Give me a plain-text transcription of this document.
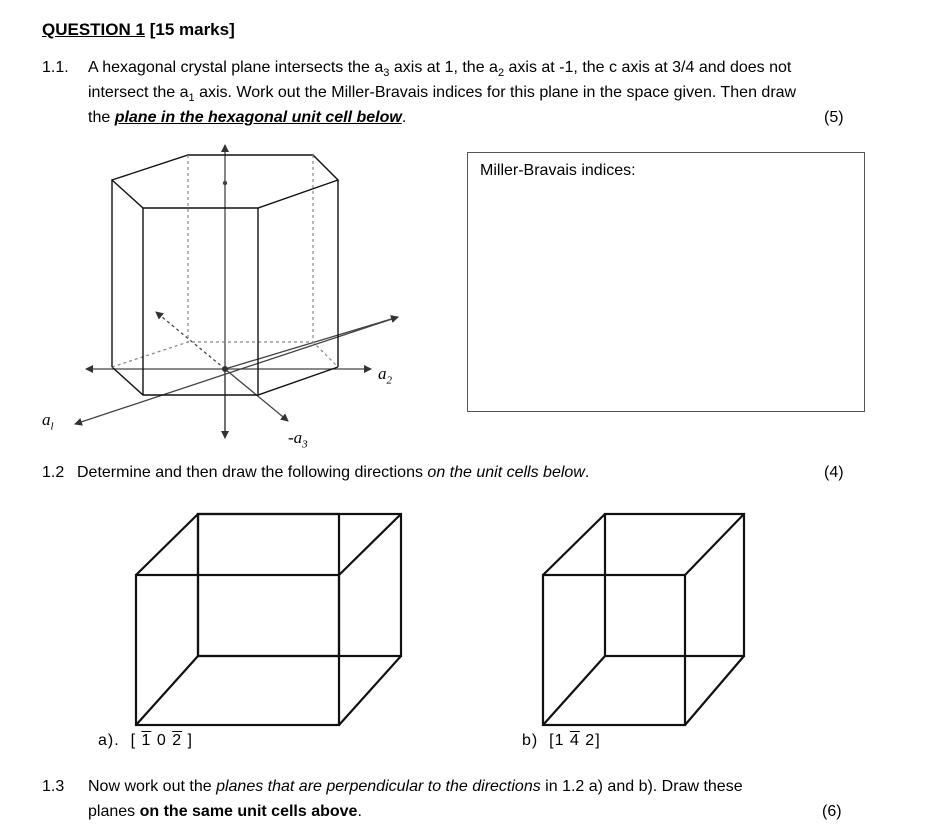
QUESTION 1 [15 marks]
1.1. A hexagonal crystal plane intersects the $a_3$ axis at 1, the $a_2$ axis at -1, the c axis at 3/4 and does not
intersect the $a_1$ axis. Work out the Miller-Bravais indices for this plane in the space given. Then draw
the plane in the hexagonal unit cell below.	(5)
Miller-Bravais indices:
$a_l$
$a_2$
$-a_3$
1.2 Determine and then draw the following directions on the unit cells below.	(4)
a). [ 1 0 2 ]	b) [1 4 2]
1.3 Now work out the planes that are perpendicular to the directions in 1.2 a) and b). Draw these
planes on the same unit cells above.	(6)
